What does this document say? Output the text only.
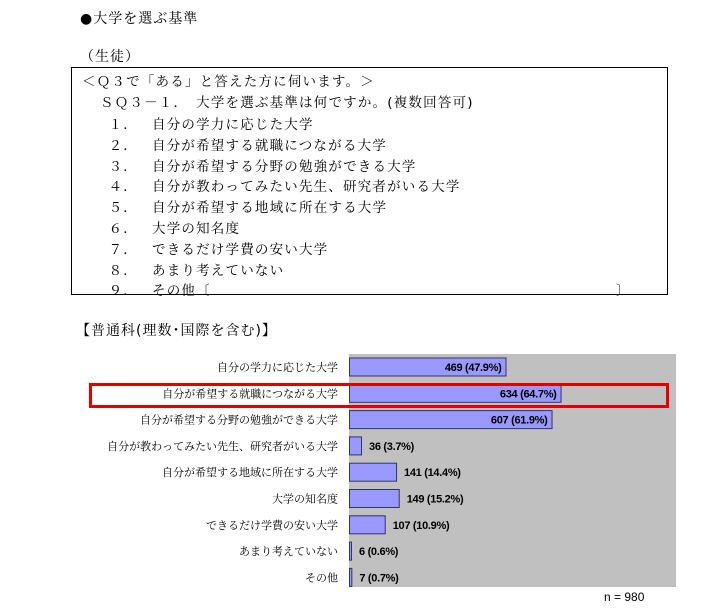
●大学を選ぶ基準
（生徒）
＜Ｑ３で「ある」と答えた方に伺います。＞
ＳＱ３－１．　大学を選ぶ基準は何ですか。(複数回答可)
１． 自分の学力に応じた大学
２． 自分が希望する就職につながる大学
３． 自分が希望する分野の勉強ができる大学
４． 自分が教わってみたい先生、研究者がいる大学
５． 自分が希望する地域に所在する大学
６． 大学の知名度
７． できるだけ学費の安い大学
８． あまり考えていない
９． その他〔	〕
【普通科(理数･国際を含む)】
自分の学力に応じた大学
自分が希望する就職につながる大学
自分が希望する分野の勉強ができる大学
自分が教わってみたい先生、研究者がいる大学
自分が希望する地域に所在する大学
大学の知名度
できるだけ学費の安い大学
あまり考えていない
その他
469 (47.9%)
634 (64.7%)
607 (61.9%)
36 (3.7%)
141 (14.4%)
149 (15.2%)
107 (10.9%)
6 (0.6%)
7 (0.7%)
n = 980
